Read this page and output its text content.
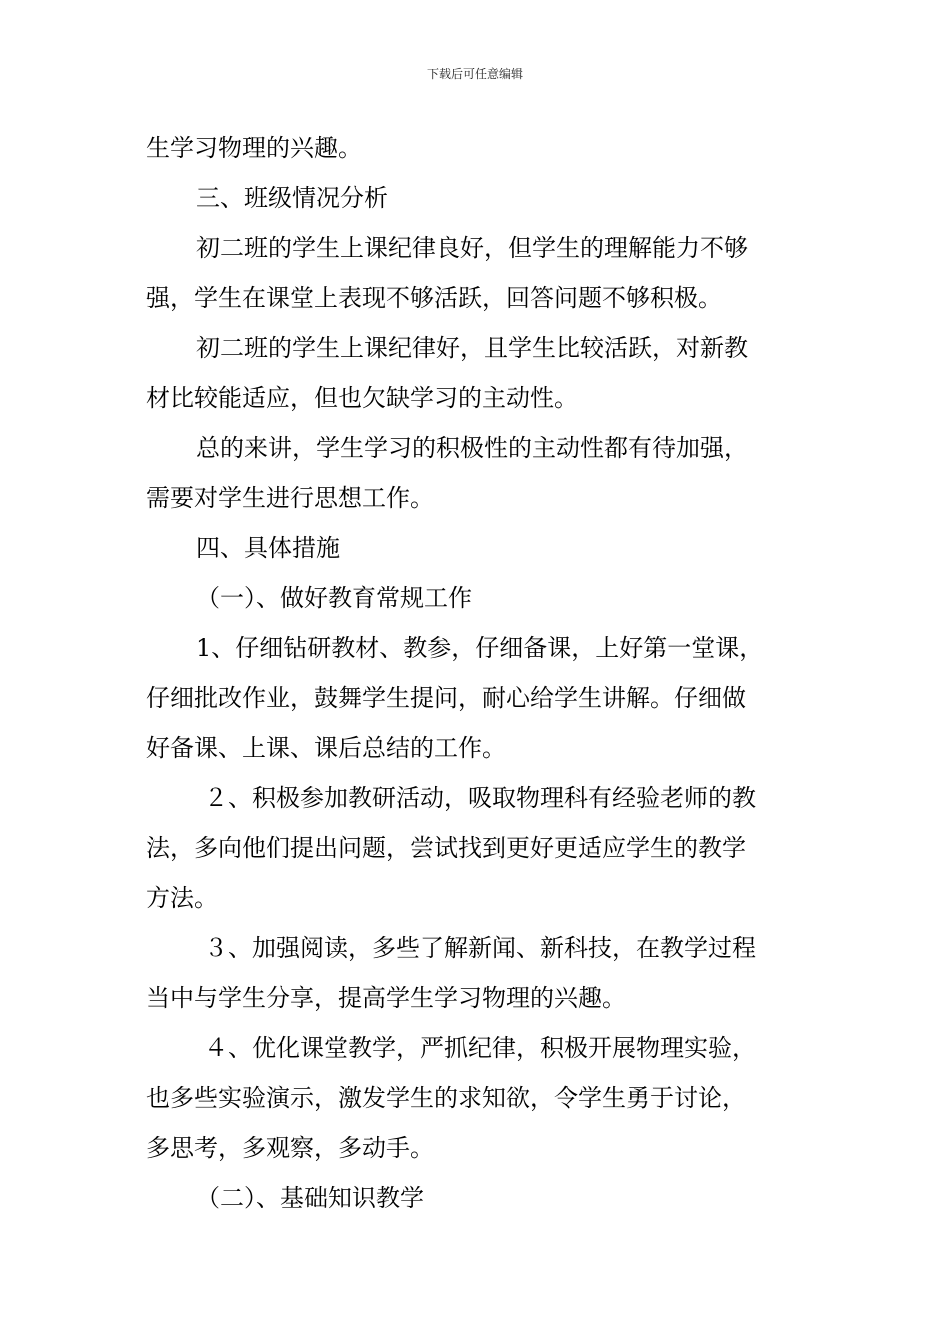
下载后可任意编辑
生学习物理的兴趣。
三、班级情况分析
初二班的学生上课纪律良好，但学生的理解能力不够
强，学生在课堂上表现不够活跃，回答问题不够积极。
初二班的学生上课纪律好，且学生比较活跃，对新教
材比较能适应，但也欠缺学习的主动性。
总的来讲，学生学习的积极性的主动性都有待加强，
需要对学生进行思想工作。
四、具体措施
（一）、做好教育常规工作
1、仔细钻研教材、教参，仔细备课，上好第一堂课，
仔细批改作业，鼓舞学生提问，耐心给学生讲解。仔细做
好备课、上课、课后总结的工作。
２、积极参加教研活动，吸取物理科有经验老师的教
法，多向他们提出问题，尝试找到更好更适应学生的教学
方法。
３、加强阅读，多些了解新闻、新科技，在教学过程
当中与学生分享，提高学生学习物理的兴趣。
４、优化课堂教学，严抓纪律，积极开展物理实验，
也多些实验演示，激发学生的求知欲，令学生勇于讨论，
多思考，多观察，多动手。
（二）、基础知识教学
